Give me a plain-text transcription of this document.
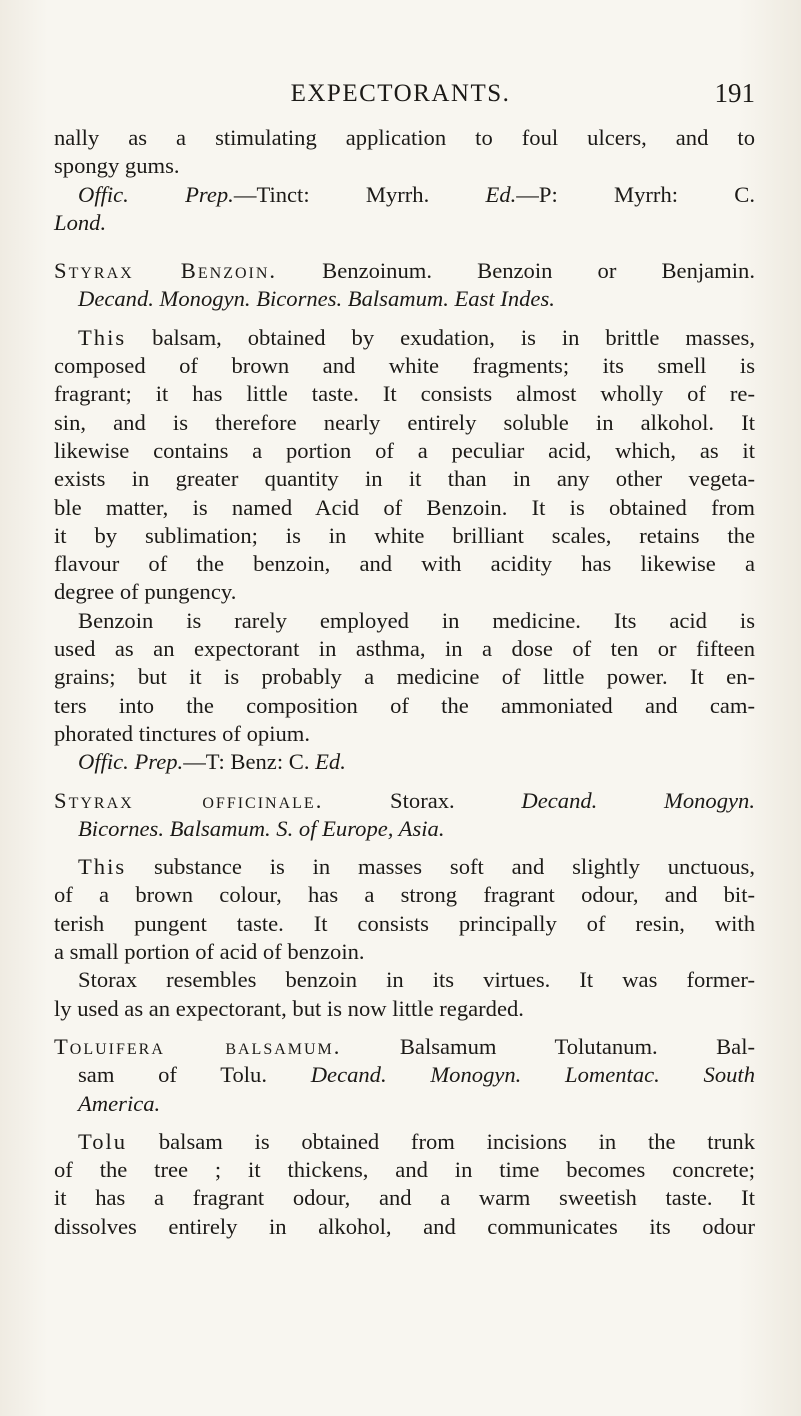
EXPECTORANTS.	191
nally as a stimulating application to foul ulcers, and to
spongy gums.
Offic. Prep.—Tinct: Myrrh. Ed.—P: Myrrh: C.
Lond.
Styrax Benzoin. Benzoinum. Benzoin or Benjamin.
Decand. Monogyn. Bicornes. Balsamum. East Indes.
This balsam, obtained by exudation, is in brittle masses,
composed of brown and white fragments; its smell is
fragrant; it has little taste. It consists almost wholly of re-
sin, and is therefore nearly entirely soluble in alkohol. It
likewise contains a portion of a peculiar acid, which, as it
exists in greater quantity in it than in any other vegeta-
ble matter, is named Acid of Benzoin. It is obtained from
it by sublimation; is in white brilliant scales, retains the
flavour of the benzoin, and with acidity has likewise a
degree of pungency.
Benzoin is rarely employed in medicine. Its acid is
used as an expectorant in asthma, in a dose of ten or fifteen
grains; but it is probably a medicine of little power. It en-
ters into the composition of the ammoniated and cam-
phorated tinctures of opium.
Offic. Prep.—T: Benz: C. Ed.
Styrax officinale. Storax. Decand. Monogyn.
Bicornes. Balsamum. S. of Europe, Asia.
This substance is in masses soft and slightly unctuous,
of a brown colour, has a strong fragrant odour, and bit-
terish pungent taste. It consists principally of resin, with
a small portion of acid of benzoin.
Storax resembles benzoin in its virtues. It was former-
ly used as an expectorant, but is now little regarded.
Toluifera balsamum. Balsamum Tolutanum. Bal-
sam of Tolu. Decand. Monogyn. Lomentac. South
America.
Tolu balsam is obtained from incisions in the trunk
of the tree ; it thickens, and in time becomes concrete;
it has a fragrant odour, and a warm sweetish taste. It
dissolves entirely in alkohol, and communicates its odour
